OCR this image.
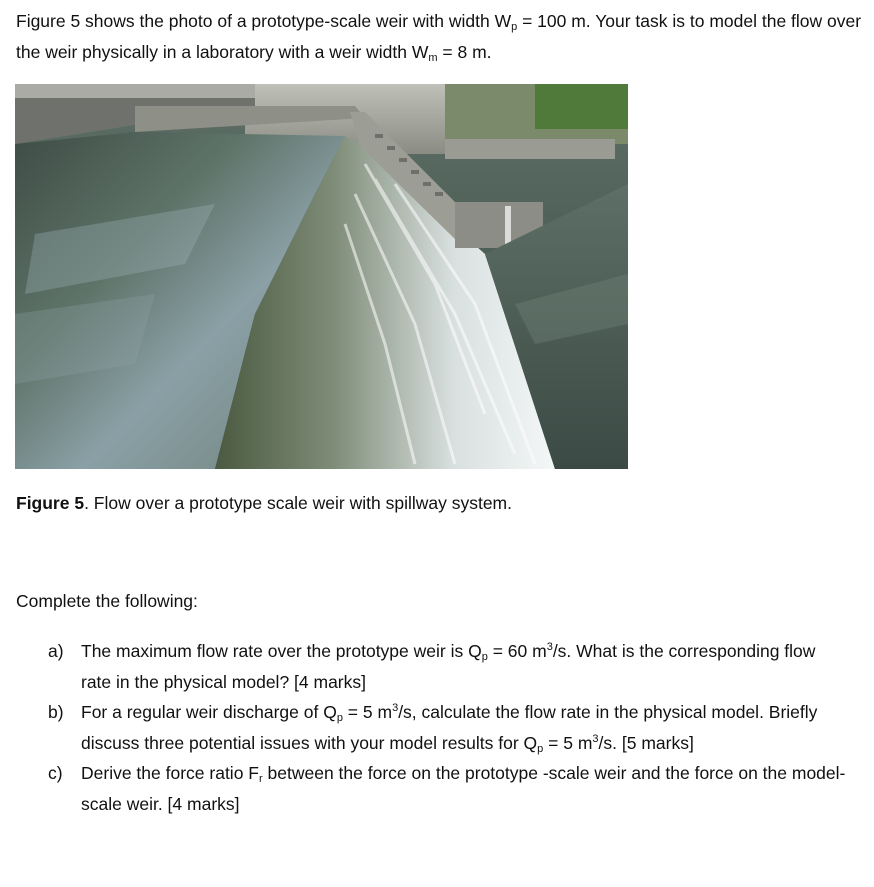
Figure 5 shows the photo of a prototype-scale weir with width $W_p = 100$ m. Your task is to model the flow over the weir physically in a laboratory with a weir width $W_m = 8$ m.

Figure 5. Flow over a prototype scale weir with spillway system.

Complete the following:

a) The maximum flow rate over the prototype weir is $Q_p = 60$ $m^3/s$. What is the corresponding flow rate in the physical model? [4 marks]
b) For a regular weir discharge of $Q_p = 5$ $m^3/s$, calculate the flow rate in the physical model. Briefly discuss three potential issues with your model results for $Q_p = 5$ $m^3/s$. [5 marks]
c) Derive the force ratio $F_r$ between the force on the prototype -scale weir and the force on the model-scale weir. [4 marks]
